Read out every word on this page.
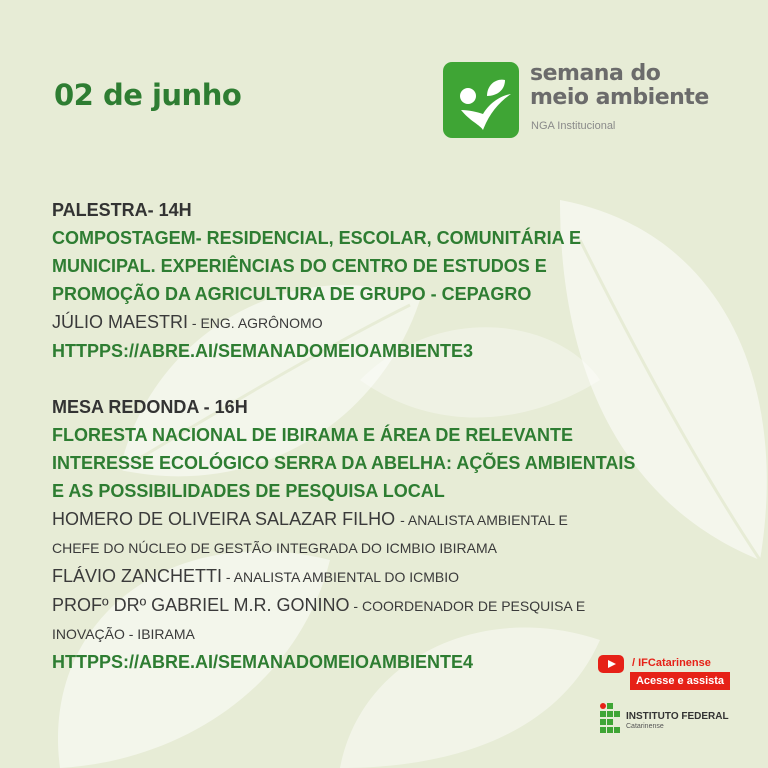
02 de junho
semana do
meio ambiente
NGA Institucional
PALESTRA- 14H
COMPOSTAGEM- RESIDENCIAL, ESCOLAR, COMUNITÁRIA E
MUNICIPAL. EXPERIÊNCIAS DO CENTRO DE ESTUDOS E
PROMOÇÃO DA AGRICULTURA DE GRUPO - CEPAGRO
JÚLIO MAESTRI - ENG. AGRÔNOMO
HTTPPS://ABRE.AI/SEMANADOMEIOAMBIENTE3
MESA REDONDA - 16H
FLORESTA NACIONAL DE IBIRAMA E ÁREA DE RELEVANTE
INTERESSE ECOLÓGICO SERRA DA ABELHA: AÇÕES AMBIENTAIS
E AS POSSIBILIDADES DE PESQUISA LOCAL
HOMERO DE OLIVEIRA SALAZAR FILHO - ANALISTA AMBIENTAL E
CHEFE DO NÚCLEO DE GESTÃO INTEGRADA DO ICMBIO IBIRAMA
FLÁVIO ZANCHETTI - ANALISTA AMBIENTAL DO ICMBIO
PROFº DRº GABRIEL M.R. GONINO - COORDENADOR DE PESQUISA E
INOVAÇÃO - IBIRAMA
HTTPPS://ABRE.AI/SEMANADOMEIOAMBIENTE4	/ IFCatarinense
Acesse e assista
INSTITUTO FEDERAL
Catarinense
